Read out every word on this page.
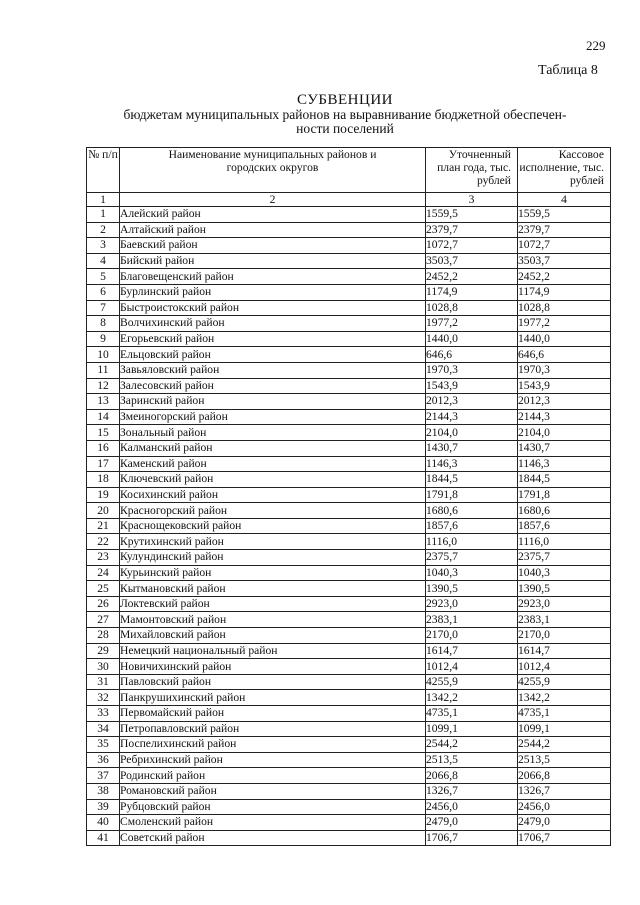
229
Таблица 8
СУБВЕНЦИИ
бюджетам муниципальных районов на выравнивание бюджетной обеспечен-
ности поселений
№ п/п	Наименование муниципальных районов и городских округов	Уточненный план года, тыс. рублей	Кассовое исполнение, тыс. рублей
1	2	3	4
1	Алейский район	1559,5	1559,5
2	Алтайский район	2379,7	2379,7
3	Баевский район	1072,7	1072,7
4	Бийский район	3503,7	3503,7
5	Благовещенский район	2452,2	2452,2
6	Бурлинский район	1174,9	1174,9
7	Быстроистокский район	1028,8	1028,8
8	Волчихинский район	1977,2	1977,2
9	Егорьевский район	1440,0	1440,0
10	Ельцовский район	646,6	646,6
11	Завьяловский район	1970,3	1970,3
12	Залесовский район	1543,9	1543,9
13	Заринский район	2012,3	2012,3
14	Змеиногорский район	2144,3	2144,3
15	Зональный район	2104,0	2104,0
16	Калманский район	1430,7	1430,7
17	Каменский район	1146,3	1146,3
18	Ключевский район	1844,5	1844,5
19	Косихинский район	1791,8	1791,8
20	Красногорский район	1680,6	1680,6
21	Краснощековский район	1857,6	1857,6
22	Крутихинский район	1116,0	1116,0
23	Кулундинский район	2375,7	2375,7
24	Курьинский район	1040,3	1040,3
25	Кытмановский район	1390,5	1390,5
26	Локтевский район	2923,0	2923,0
27	Мамонтовский район	2383,1	2383,1
28	Михайловский район	2170,0	2170,0
29	Немецкий национальный район	1614,7	1614,7
30	Новичихинский район	1012,4	1012,4
31	Павловский район	4255,9	4255,9
32	Панкрушихинский район	1342,2	1342,2
33	Первомайский район	4735,1	4735,1
34	Петропавловский район	1099,1	1099,1
35	Поспелихинский район	2544,2	2544,2
36	Ребрихинский район	2513,5	2513,5
37	Родинский район	2066,8	2066,8
38	Романовский район	1326,7	1326,7
39	Рубцовский район	2456,0	2456,0
40	Смоленский район	2479,0	2479,0
41	Советский район	1706,7	1706,7
